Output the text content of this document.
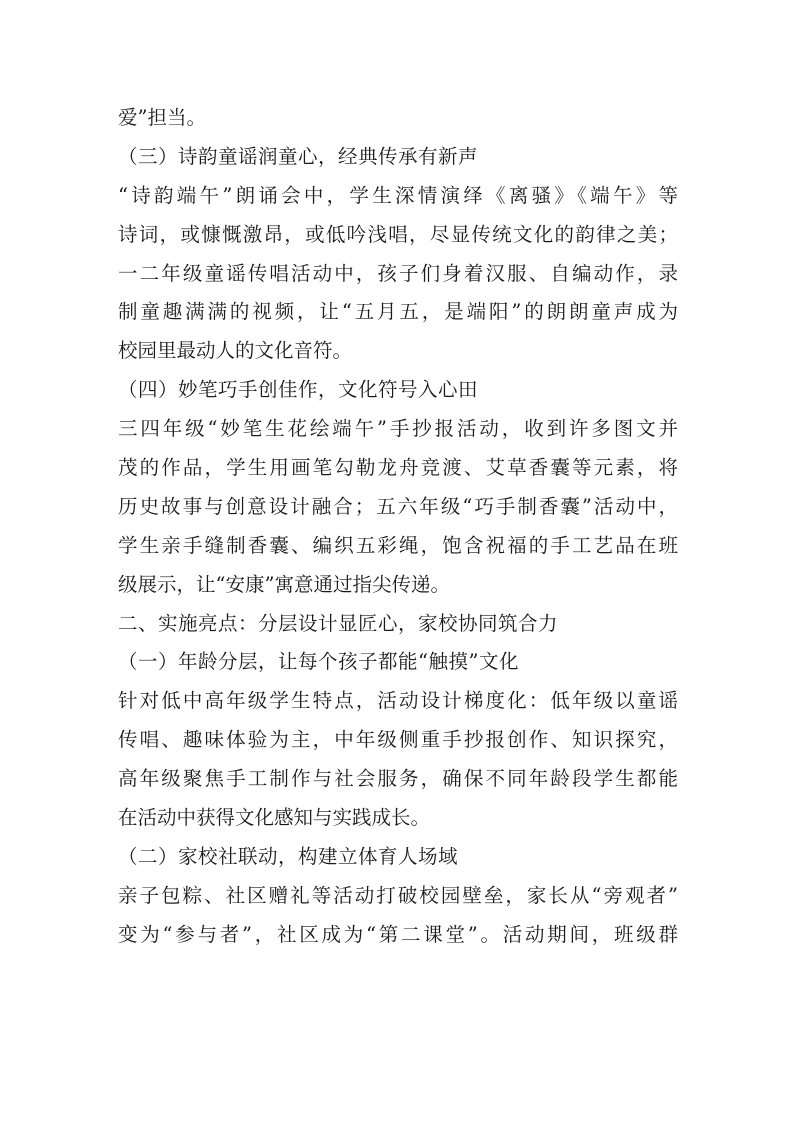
爱”担当。
（三）诗韵童谣润童心，经典传承有新声
“诗韵端午”朗诵会中，学生深情演绎《离骚》《端午》等
诗词，或慷慨激昂，或低吟浅唱，尽显传统文化的韵律之美；
一二年级童谣传唱活动中，孩子们身着汉服、自编动作，录
制童趣满满的视频，让“五月五，是端阳”的朗朗童声成为
校园里最动人的文化音符。
（四）妙笔巧手创佳作，文化符号入心田
三四年级“妙笔生花绘端午”手抄报活动，收到许多图文并
茂的作品，学生用画笔勾勒龙舟竞渡、艾草香囊等元素，将
历史故事与创意设计融合；五六年级“巧手制香囊”活动中，
学生亲手缝制香囊、编织五彩绳，饱含祝福的手工艺品在班
级展示，让“安康”寓意通过指尖传递。
二、实施亮点：分层设计显匠心，家校协同筑合力
（一）年龄分层，让每个孩子都能“触摸”文化
针对低中高年级学生特点，活动设计梯度化：低年级以童谣
传唱、趣味体验为主，中年级侧重手抄报创作、知识探究，
高年级聚焦手工制作与社会服务，确保不同年龄段学生都能
在活动中获得文化感知与实践成长。
（二）家校社联动，构建立体育人场域
亲子包粽、社区赠礼等活动打破校园壁垒，家长从“旁观者”
变为“参与者”，社区成为“第二课堂”。活动期间，班级群
